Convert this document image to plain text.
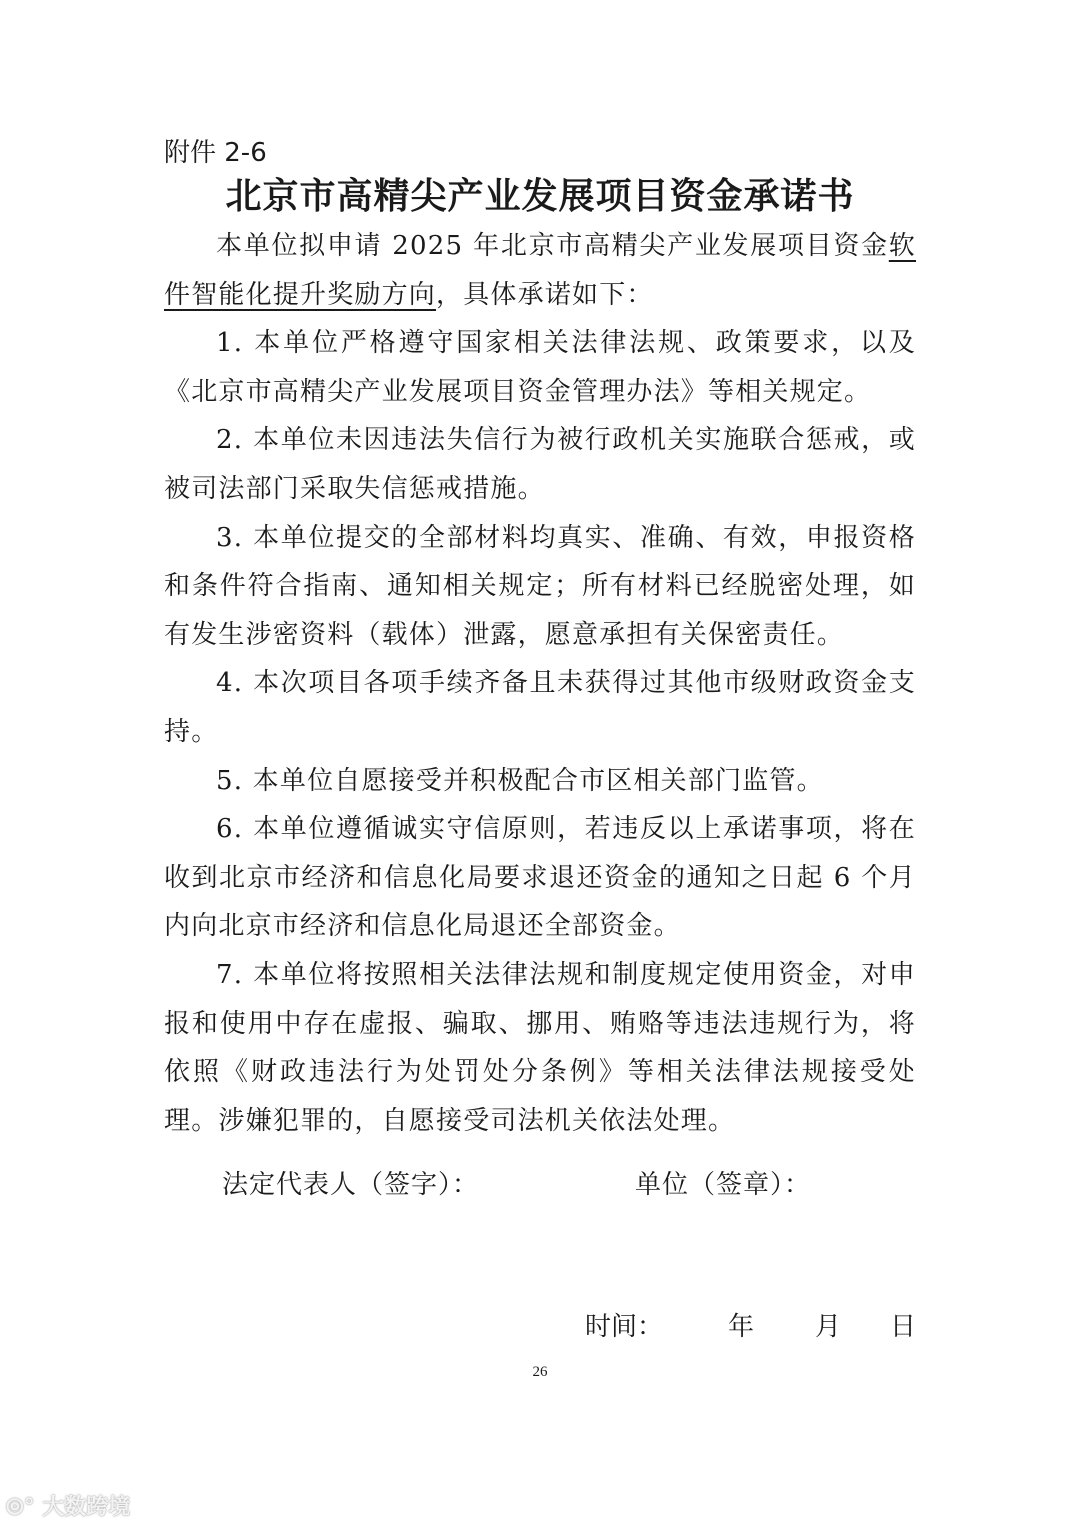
附件 2-6
北京市高精尖产业发展项目资金承诺书

本单位拟申请 2025 年北京市高精尖产业发展项目资金软件智能化提升奖励方向，具体承诺如下：

1. 本单位严格遵守国家相关法律法规、政策要求，以及《北京市高精尖产业发展项目资金管理办法》等相关规定。

2. 本单位未因违法失信行为被行政机关实施联合惩戒，或被司法部门采取失信惩戒措施。

3. 本单位提交的全部材料均真实、准确、有效，申报资格和条件符合指南、通知相关规定；所有材料已经脱密处理，如有发生涉密资料（载体）泄露，愿意承担有关保密责任。

4. 本次项目各项手续齐备且未获得过其他市级财政资金支持。

5. 本单位自愿接受并积极配合市区相关部门监管。

6. 本单位遵循诚实守信原则，若违反以上承诺事项，将在收到北京市经济和信息化局要求退还资金的通知之日起 6 个月内向北京市经济和信息化局退还全部资金。

7. 本单位将按照相关法律法规和制度规定使用资金，对申报和使用中存在虚报、骗取、挪用、贿赂等违法违规行为，将依照《财政违法行为处罚处分条例》等相关法律法规接受处理。涉嫌犯罪的，自愿接受司法机关依法处理。

法定代表人（签字）：	单位（签章）：
时间： 年 月 日
26
⦾° 大数跨境
